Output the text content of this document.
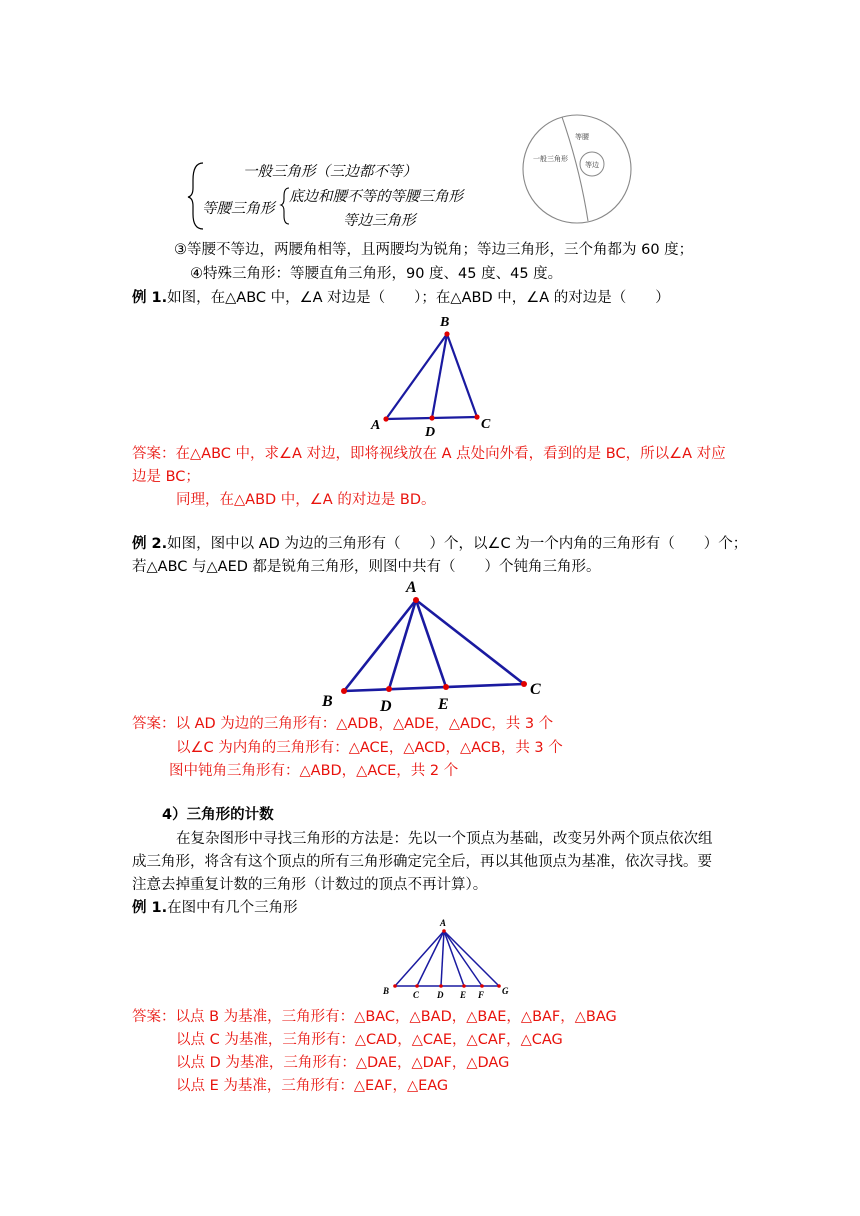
一般三角形（三边都不等）
等腰三角形
底边和腰不等的等腰三角形
等边三角形
一般三角形
等腰
等边
③等腰不等边，两腰角相等，且两腰均为锐角；等边三角形，三个角都为 60 度；
④特殊三角形：等腰直角三角形，90 度、45 度、45 度。
例 1.如图，在△ABC 中，∠A 对边是（　　）；在△ABD 中，∠A 的对边是（　　）
B
A	C
D
答案：在△ABC 中，求∠A 对边，即将视线放在 A 点处向外看，看到的是 BC，所以∠A 对应
边是 BC；
同理，在△ABD 中，∠A 的对边是 BD。
例 2.如图，图中以 AD 为边的三角形有（　　）个，以∠C 为一个内角的三角形有（　　）个；
若△ABC 与△AED 都是锐角三角形，则图中共有（　　）个钝角三角形。
A
B
C
D	E
答案：以 AD 为边的三角形有：△ADB，△ADE，△ADC，共 3 个
以∠C 为内角的三角形有：△ACE，△ACD，△ACB，共 3 个
图中钝角三角形有：△ABD，△ACE，共 2 个
4）三角形的计数
在复杂图形中寻找三角形的方法是：先以一个顶点为基础，改变另外两个顶点依次组
成三角形，将含有这个顶点的所有三角形确定完全后，再以其他顶点为基准，依次寻找。要
注意去掉重复计数的三角形（计数过的顶点不再计算）。
例 1.在图中有几个三角形
A
B	C D E F G
答案：以点 B 为基准，三角形有：△BAC，△BAD，△BAE，△BAF，△BAG
以点 C 为基准，三角形有：△CAD，△CAE，△CAF，△CAG
以点 D 为基准，三角形有：△DAE，△DAF，△DAG
以点 E 为基准，三角形有：△EAF，△EAG
